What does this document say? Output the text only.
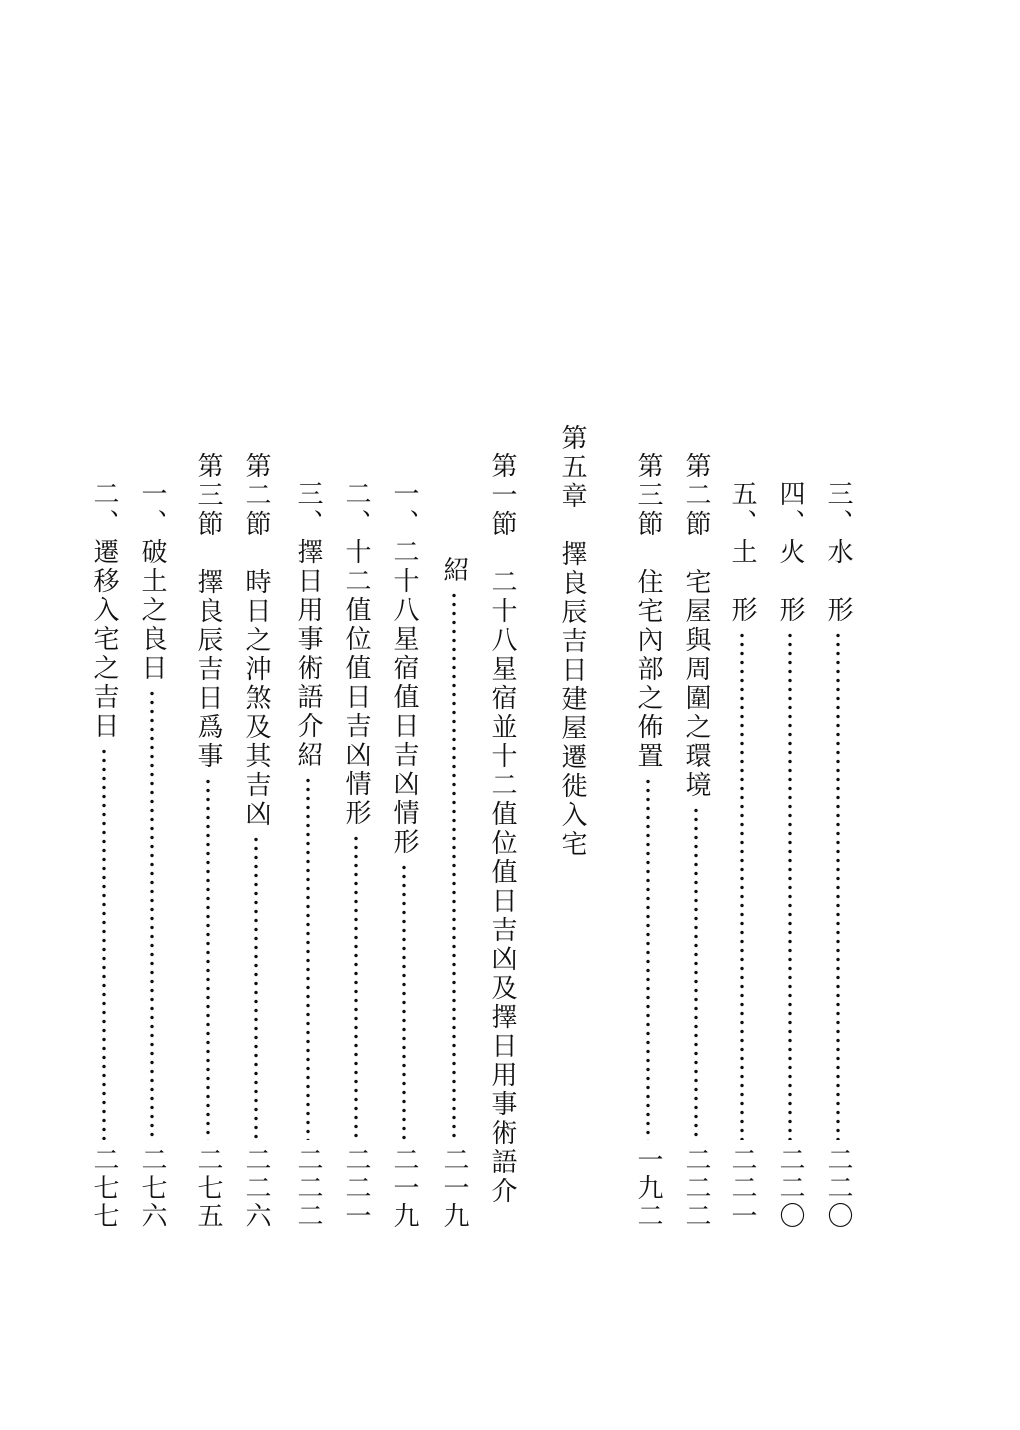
三、水　形
二二〇
四、火　形
二二〇
五、土　形
二二一
第二節　宅屋與周圍之環境
二二二
第三節　住宅內部之佈置
一九二
第五章　擇良辰吉日建屋遷徙入宅
第一節　二十八星宿並十二值位值日吉凶及擇日用事術語介
紹
二一九
一、二十八星宿值日吉凶情形
二一九
二、十二值位值日吉凶情形
二二一
三、擇日用事術語介紹
二二二
第二節　時日之沖煞及其吉凶
二二六
第三節　擇良辰吉日爲事
二七五
一、破土之良日
二七六
二、遷移入宅之吉日
二七七
